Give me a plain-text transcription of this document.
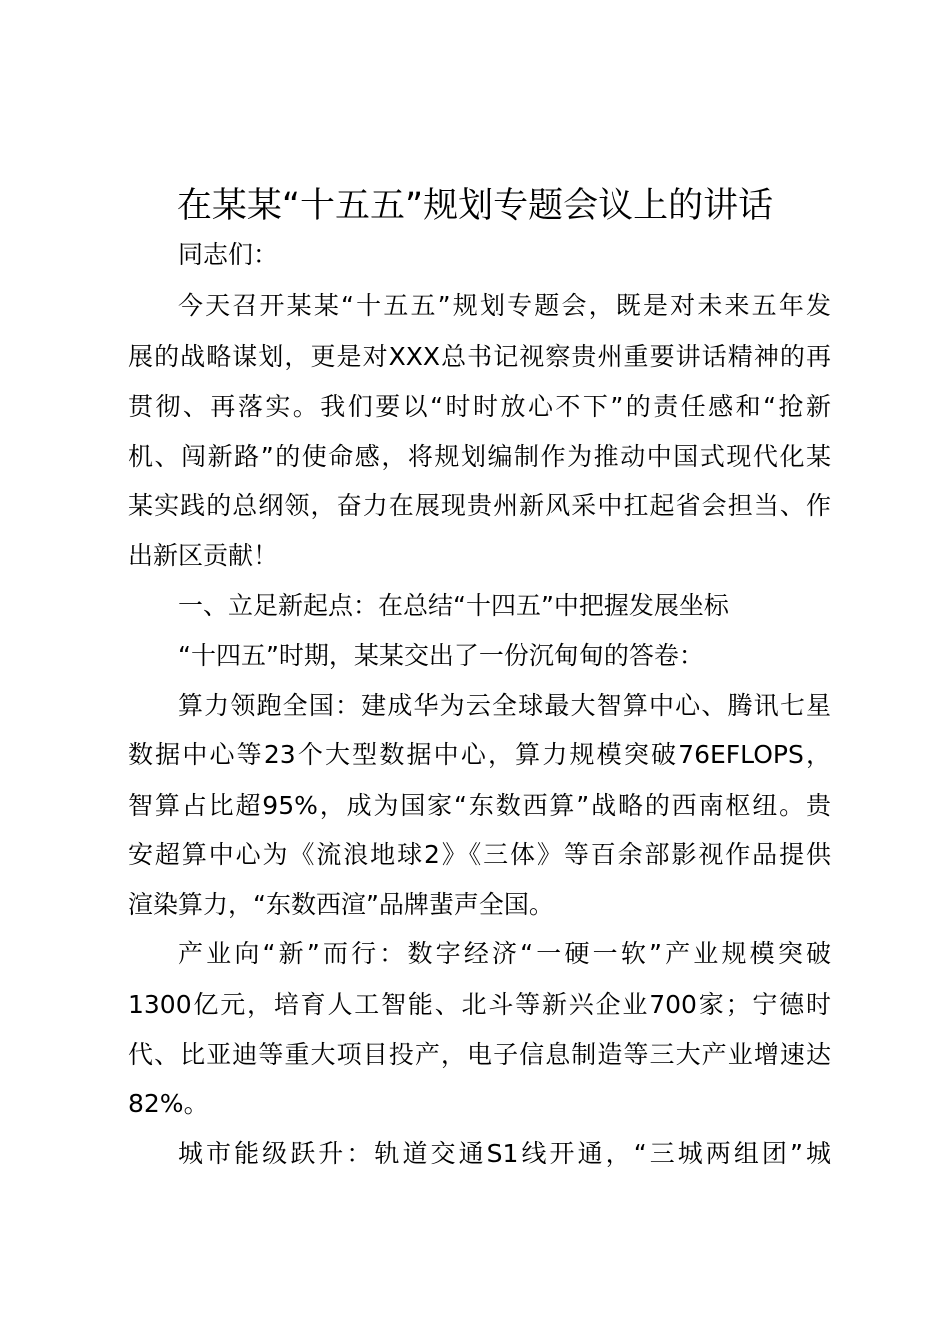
在某某“十五五”规划专题会议上的讲话
同志们：
今天召开某某“十五五”规划专题会，既是对未来五年发
展的战略谋划，更是对XXX总书记视察贵州重要讲话精神的再
贯彻、再落实。我们要以“时时放心不下”的责任感和“抢新
机、闯新路”的使命感，将规划编制作为推动中国式现代化某
某实践的总纲领，奋力在展现贵州新风采中扛起省会担当、作
出新区贡献！
一、立足新起点：在总结“十四五”中把握发展坐标
“十四五”时期，某某交出了一份沉甸甸的答卷：
算力领跑全国：建成华为云全球最大智算中心、腾讯七星
数据中心等23个大型数据中心，算力规模突破76EFLOPS，
智算占比超95%，成为国家“东数西算”战略的西南枢纽。贵
安超算中心为《流浪地球2》《三体》等百余部影视作品提供
渲染算力，“东数西渲”品牌蜚声全国。
产业向“新”而行：数字经济“一硬一软”产业规模突破
1300亿元，培育人工智能、北斗等新兴企业700家；宁德时
代、比亚迪等重大项目投产，电子信息制造等三大产业增速达
82%。
城市能级跃升：轨道交通S1线开通，“三城两组团”城
